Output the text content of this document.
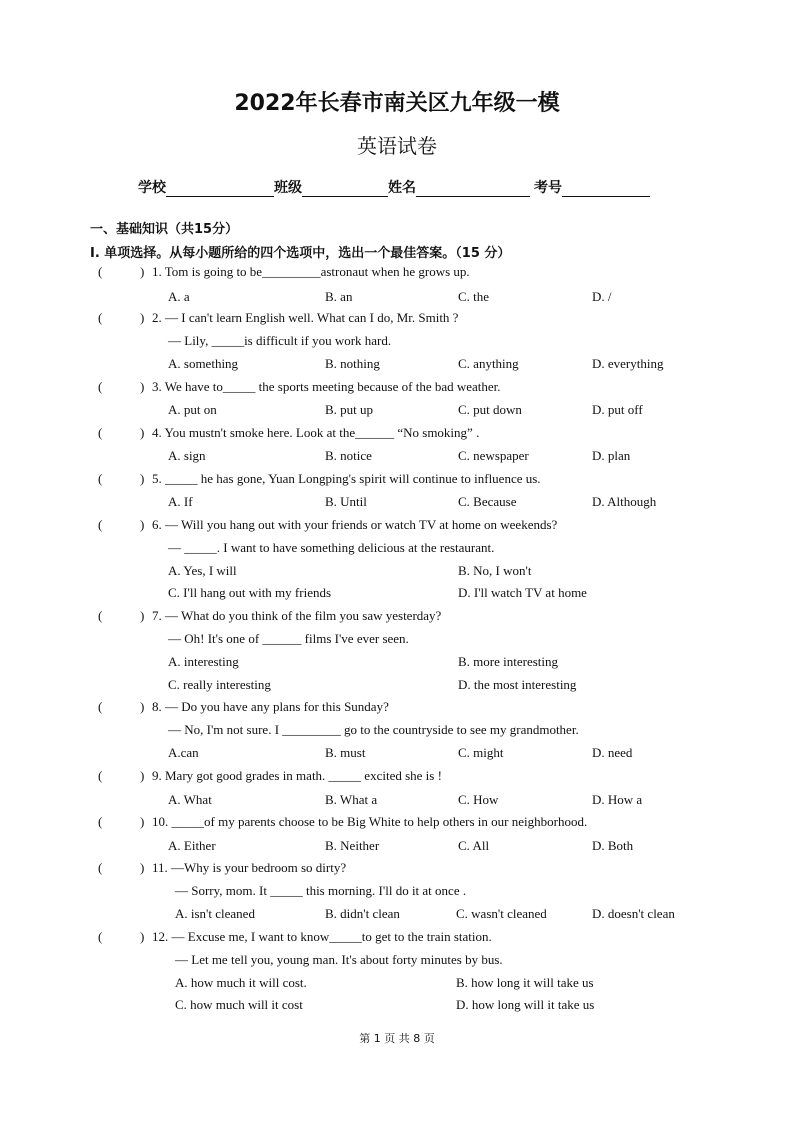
2022年长春市南关区九年级一模
英语试卷
学校	班级	姓名	考号
一、基础知识（共15分）
Ⅰ. 单项选择。从每小题所给的四个选项中，选出一个最佳答案。（15 分）
(	) 1. Tom is going to be_________astronaut when he grows up.
A. a	B. an	C. the	D. /
(	) 2. — I can't learn English well. What can I do, Mr. Smith ?
— Lily, _____is difficult if you work hard.
A. something	B. nothing	C. anything	D. everything
(	) 3. We have to_____ the sports meeting because of the bad weather.
A. put on	B. put up	C. put down	D. put off
(	) 4. You mustn't smoke here. Look at the______ “No smoking” .
A. sign	B. notice	C. newspaper	D. plan
(	) 5. _____ he has gone, Yuan Longping's spirit will continue to influence us.
A. If	B. Until	C. Because	D. Although
(	) 6. — Will you hang out with your friends or watch TV at home on weekends?
— _____. I want to have something delicious at the restaurant.
A. Yes, I will	B. No, I won't
C. I'll hang out with my friends	D. I'll watch TV at home
(	) 7. — What do you think of the film you saw yesterday?
— Oh! It's one of ______ films I've ever seen.
A. interesting	B. more interesting
C. really interesting	D. the most interesting
(	) 8. — Do you have any plans for this Sunday?
— No, I'm not sure. I _________ go to the countryside to see my grandmother.
A.can	B. must	C. might	D. need
(	) 9. Mary got good grades in math. _____ excited she is !
A. What	B. What a	C. How	D. How a
(	) 10. _____of my parents choose to be Big White to help others in our neighborhood.
A. Either	B. Neither	C. All	D. Both
(	) 11. —Why is your bedroom so dirty?
— Sorry, mom. It _____ this morning. I'll do it at once .
A. isn't cleaned	B. didn't clean	C. wasn't cleaned	D. doesn't clean
(	) 12. — Excuse me, I want to know_____to get to the train station.
— Let me tell you, young man. It's about forty minutes by bus.
A. how much it will cost.	B. how long it will take us
C. how much will it cost	D. how long will it take us
第 1 页 共 8 页
